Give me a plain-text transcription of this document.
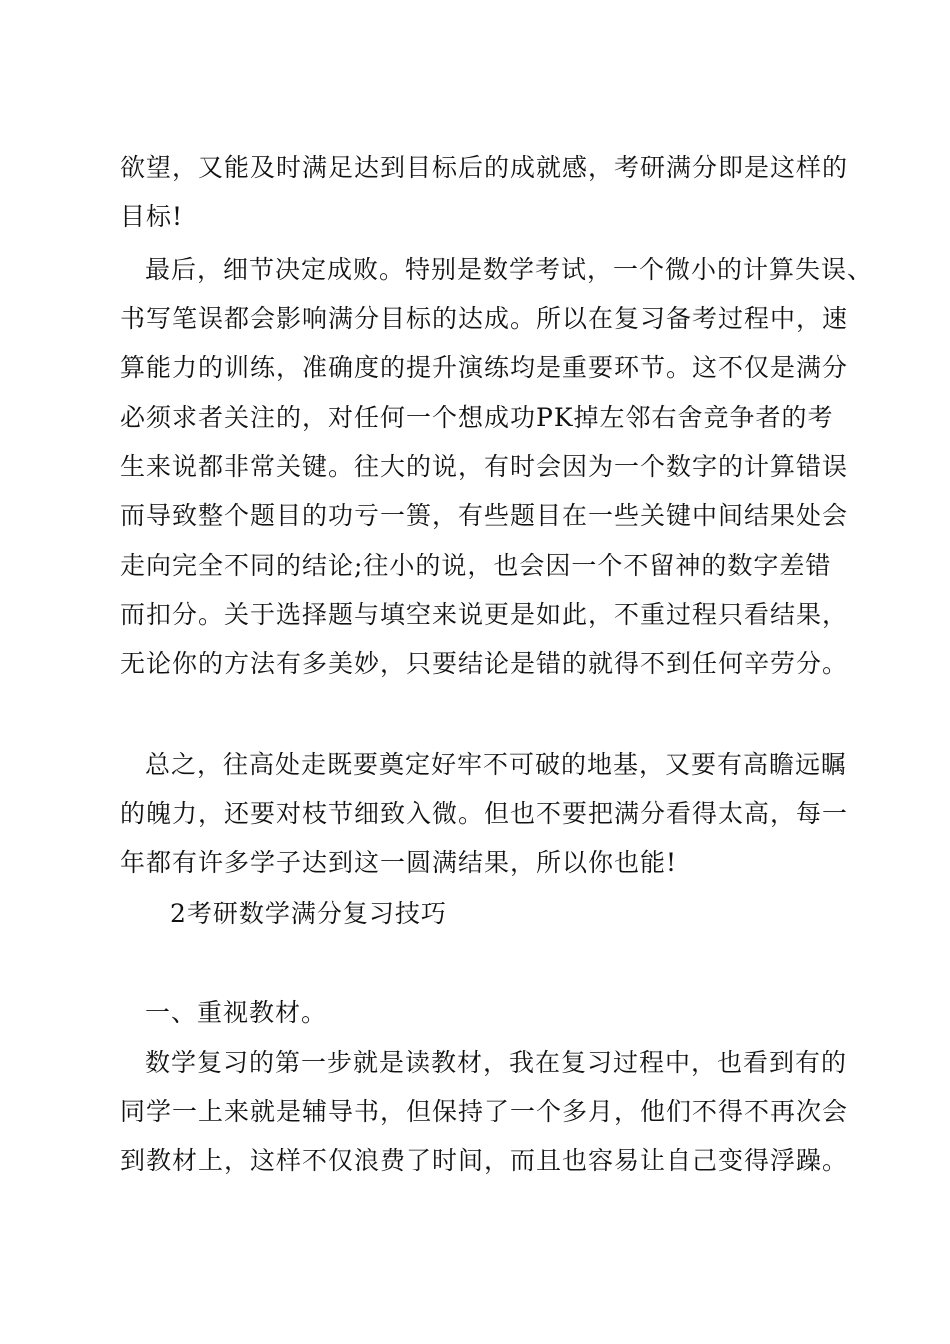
欲望，又能及时满足达到目标后的成就感，考研满分即是这样的
目标!
最后，细节决定成败。特别是数学考试，一个微小的计算失误、
书写笔误都会影响满分目标的达成。所以在复习备考过程中，速
算能力的训练，准确度的提升演练均是重要环节。这不仅是满分
必须求者关注的，对任何一个想成功PK掉左邻右舍竞争者的考
生来说都非常关键。往大的说，有时会因为一个数字的计算错误
而导致整个题目的功亏一篑，有些题目在一些关键中间结果处会
走向完全不同的结论;往小的说，也会因一个不留神的数字差错
而扣分。关于选择题与填空来说更是如此，不重过程只看结果，
无论你的方法有多美妙，只要结论是错的就得不到任何辛劳分。
总之，往高处走既要奠定好牢不可破的地基，又要有高瞻远瞩
的魄力，还要对枝节细致入微。但也不要把满分看得太高，每一
年都有许多学子达到这一圆满结果，所以你也能!
2考研数学满分复习技巧
一、重视教材。
数学复习的第一步就是读教材，我在复习过程中，也看到有的
同学一上来就是辅导书，但保持了一个多月，他们不得不再次会
到教材上，这样不仅浪费了时间，而且也容易让自己变得浮躁。
